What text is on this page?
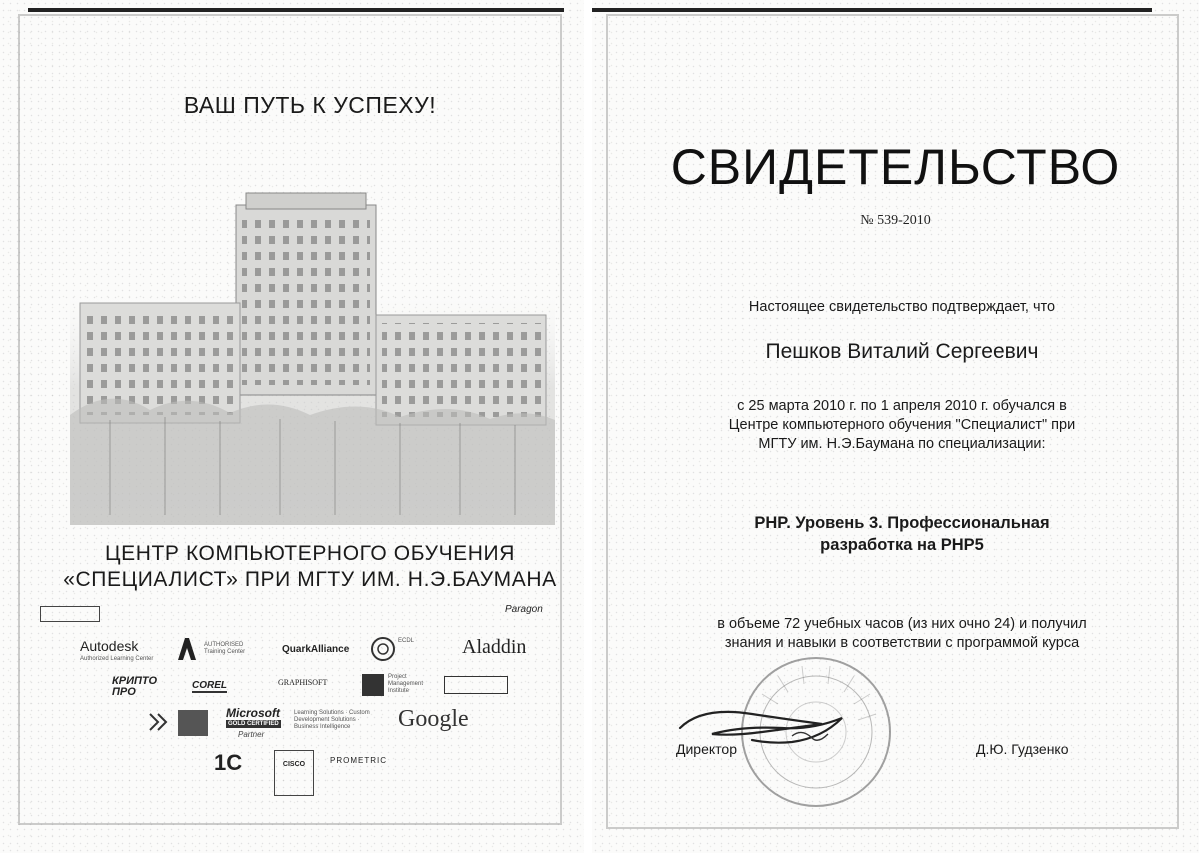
ВАШ ПУТЬ К УСПЕХУ!
ЦЕНТР КОМПЬЮТЕРНОГО ОБУЧЕНИЯ
«СПЕЦИАЛИСТ» ПРИ МГТУ ИМ. Н.Э.БАУМАНА
Paragon
Autodesk
Authorized Learning Center
AUTHORISED Training Center	QuarkAlliance
ECDL Aladdin
КРИПТО ПРО
COREL	GRAPHISOFT
Project Management Institute
Microsoft
GOLD CERTIFIED
Partner
Learning Solutions · Custom Development Solutions · Business Intelligence	Google
1С	CISCO	PROMETRIC
СВИДЕТЕЛЬСТВО
№ 539-2010
Настоящее свидетельство подтверждает, что
Пешков Виталий Сергеевич
с 25 марта 2010 г. по 1 апреля 2010 г. обучался в
Центре компьютерного обучения "Специалист" при
МГТУ им. Н.Э.Баумана по специализации:
PHP. Уровень 3. Профессиональная
разработка на PHP5
в объеме 72 учебных часов (из них очно 24) и получил
знания и навыки в соответствии с программой курса
Директор	Д.Ю. Гудзенко
